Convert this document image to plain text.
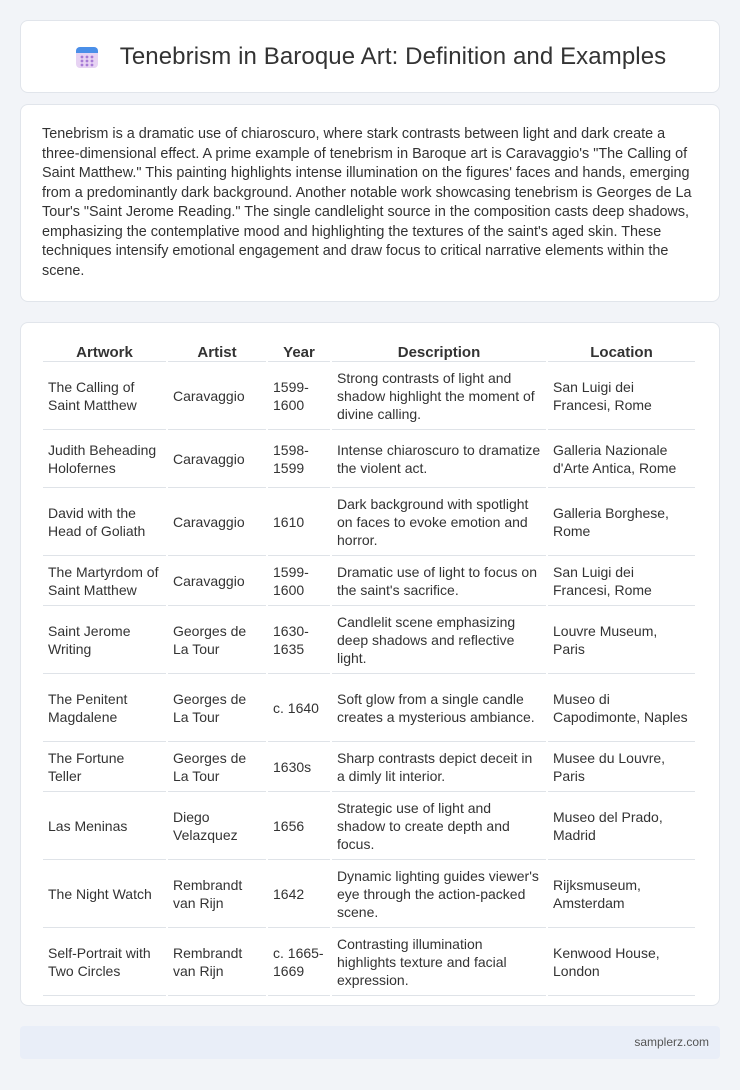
Tenebrism in Baroque Art: Definition and Examples

Tenebrism is a dramatic use of chiaroscuro, where stark contrasts between light and dark create a three-dimensional effect. A prime example of tenebrism in Baroque art is Caravaggio's "The Calling of Saint Matthew." This painting highlights intense illumination on the figures' faces and hands, emerging from a predominantly dark background. Another notable work showcasing tenebrism is Georges de La Tour's "Saint Jerome Reading." The single candlelight source in the composition casts deep shadows, emphasizing the contemplative mood and highlighting the textures of the saint's aged skin. These techniques intensify emotional engagement and draw focus to critical narrative elements within the scene.

Artwork	Artist	Year	Description	Location
The Calling of Saint Matthew	Caravaggio	1599-1600	Strong contrasts of light and shadow highlight the moment of divine calling.	San Luigi dei Francesi, Rome
Judith Beheading Holofernes	Caravaggio	1598-1599	Intense chiaroscuro to dramatize the violent act.	Galleria Nazionale d'Arte Antica, Rome
David with the Head of Goliath	Caravaggio	1610	Dark background with spotlight on faces to evoke emotion and horror.	Galleria Borghese, Rome
The Martyrdom of Saint Matthew	Caravaggio	1599-1600	Dramatic use of light to focus on the saint's sacrifice.	San Luigi dei Francesi, Rome
Saint Jerome Writing	Georges de La Tour	1630-1635	Candlelit scene emphasizing deep shadows and reflective light.	Louvre Museum, Paris
The Penitent Magdalene	Georges de La Tour	c. 1640	Soft glow from a single candle creates a mysterious ambiance.	Museo di Capodimonte, Naples
The Fortune Teller	Georges de La Tour	1630s	Sharp contrasts depict deceit in a dimly lit interior.	Musee du Louvre, Paris
Las Meninas	Diego Velazquez	1656	Strategic use of light and shadow to create depth and focus.	Museo del Prado, Madrid
The Night Watch	Rembrandt van Rijn	1642	Dynamic lighting guides viewer's eye through the action-packed scene.	Rijksmuseum, Amsterdam
Self-Portrait with Two Circles	Rembrandt van Rijn	c. 1665-1669	Contrasting illumination highlights texture and facial expression.	Kenwood House, London
samplerz.com
